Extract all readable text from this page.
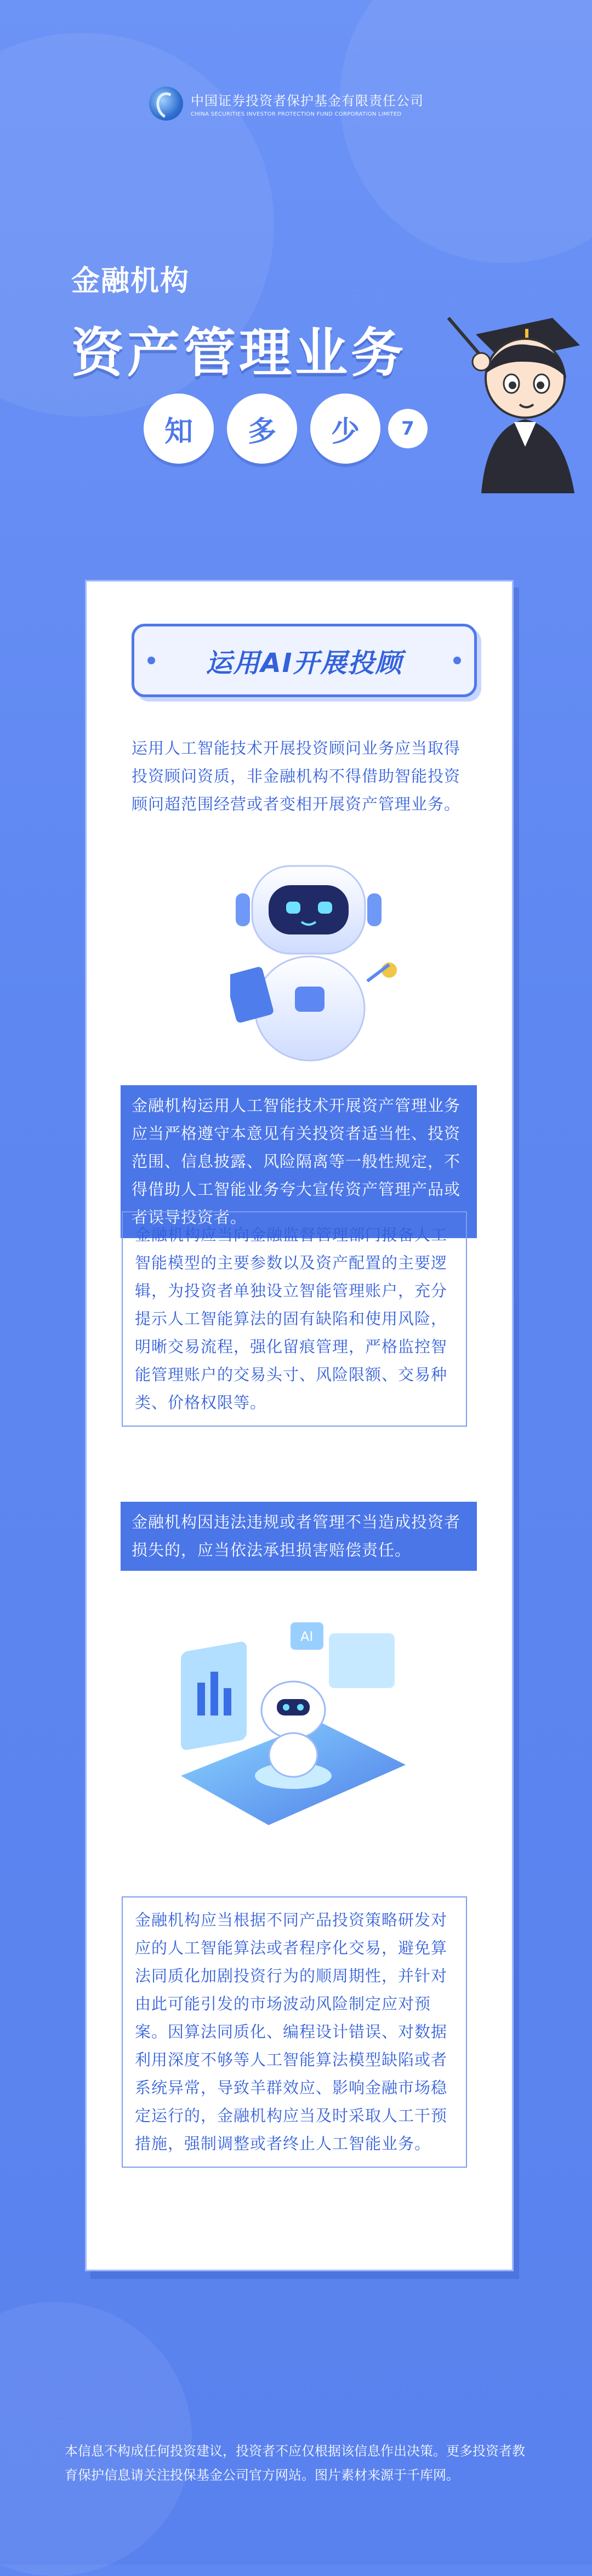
中国证券投资者保护基金有限责任公司
CHINA SECURITIES INVESTOR PROTECTION FUND CORPORATION LIMITED
金融机构
资产管理业务
知	多	少	7
运用AI开展投顾
运用人工智能技术开展投资顾问业务应当取得投资顾问资质，非金融机构不得借助智能投资顾问超范围经营或者变相开展资产管理业务。
金融机构运用人工智能技术开展资产管理业务应当严格遵守本意见有关投资者适当性、投资范围、信息披露、风险隔离等一般性规定，不得借助人工智能业务夸大宣传资产管理产品或者误导投资者。
金融机构应当向金融监督管理部门报备人工智能模型的主要参数以及资产配置的主要逻辑，为投资者单独设立智能管理账户，充分提示人工智能算法的固有缺陷和使用风险，明晰交易流程，强化留痕管理，严格监控智能管理账户的交易头寸、风险限额、交易种类、价格权限等。
金融机构因违法违规或者管理不当造成投资者损失的，应当依法承担损害赔偿责任。
AI
金融机构应当根据不同产品投资策略研发对应的人工智能算法或者程序化交易，避免算法同质化加剧投资行为的顺周期性，并针对由此可能引发的市场波动风险制定应对预案。因算法同质化、编程设计错误、对数据利用深度不够等人工智能算法模型缺陷或者系统异常，导致羊群效应、影响金融市场稳定运行的，金融机构应当及时采取人工干预措施，强制调整或者终止人工智能业务。
本信息不构成任何投资建议，投资者不应仅根据该信息作出决策。更多投资者教育保护信息请关注投保基金公司官方网站。图片素材来源于千库网。
